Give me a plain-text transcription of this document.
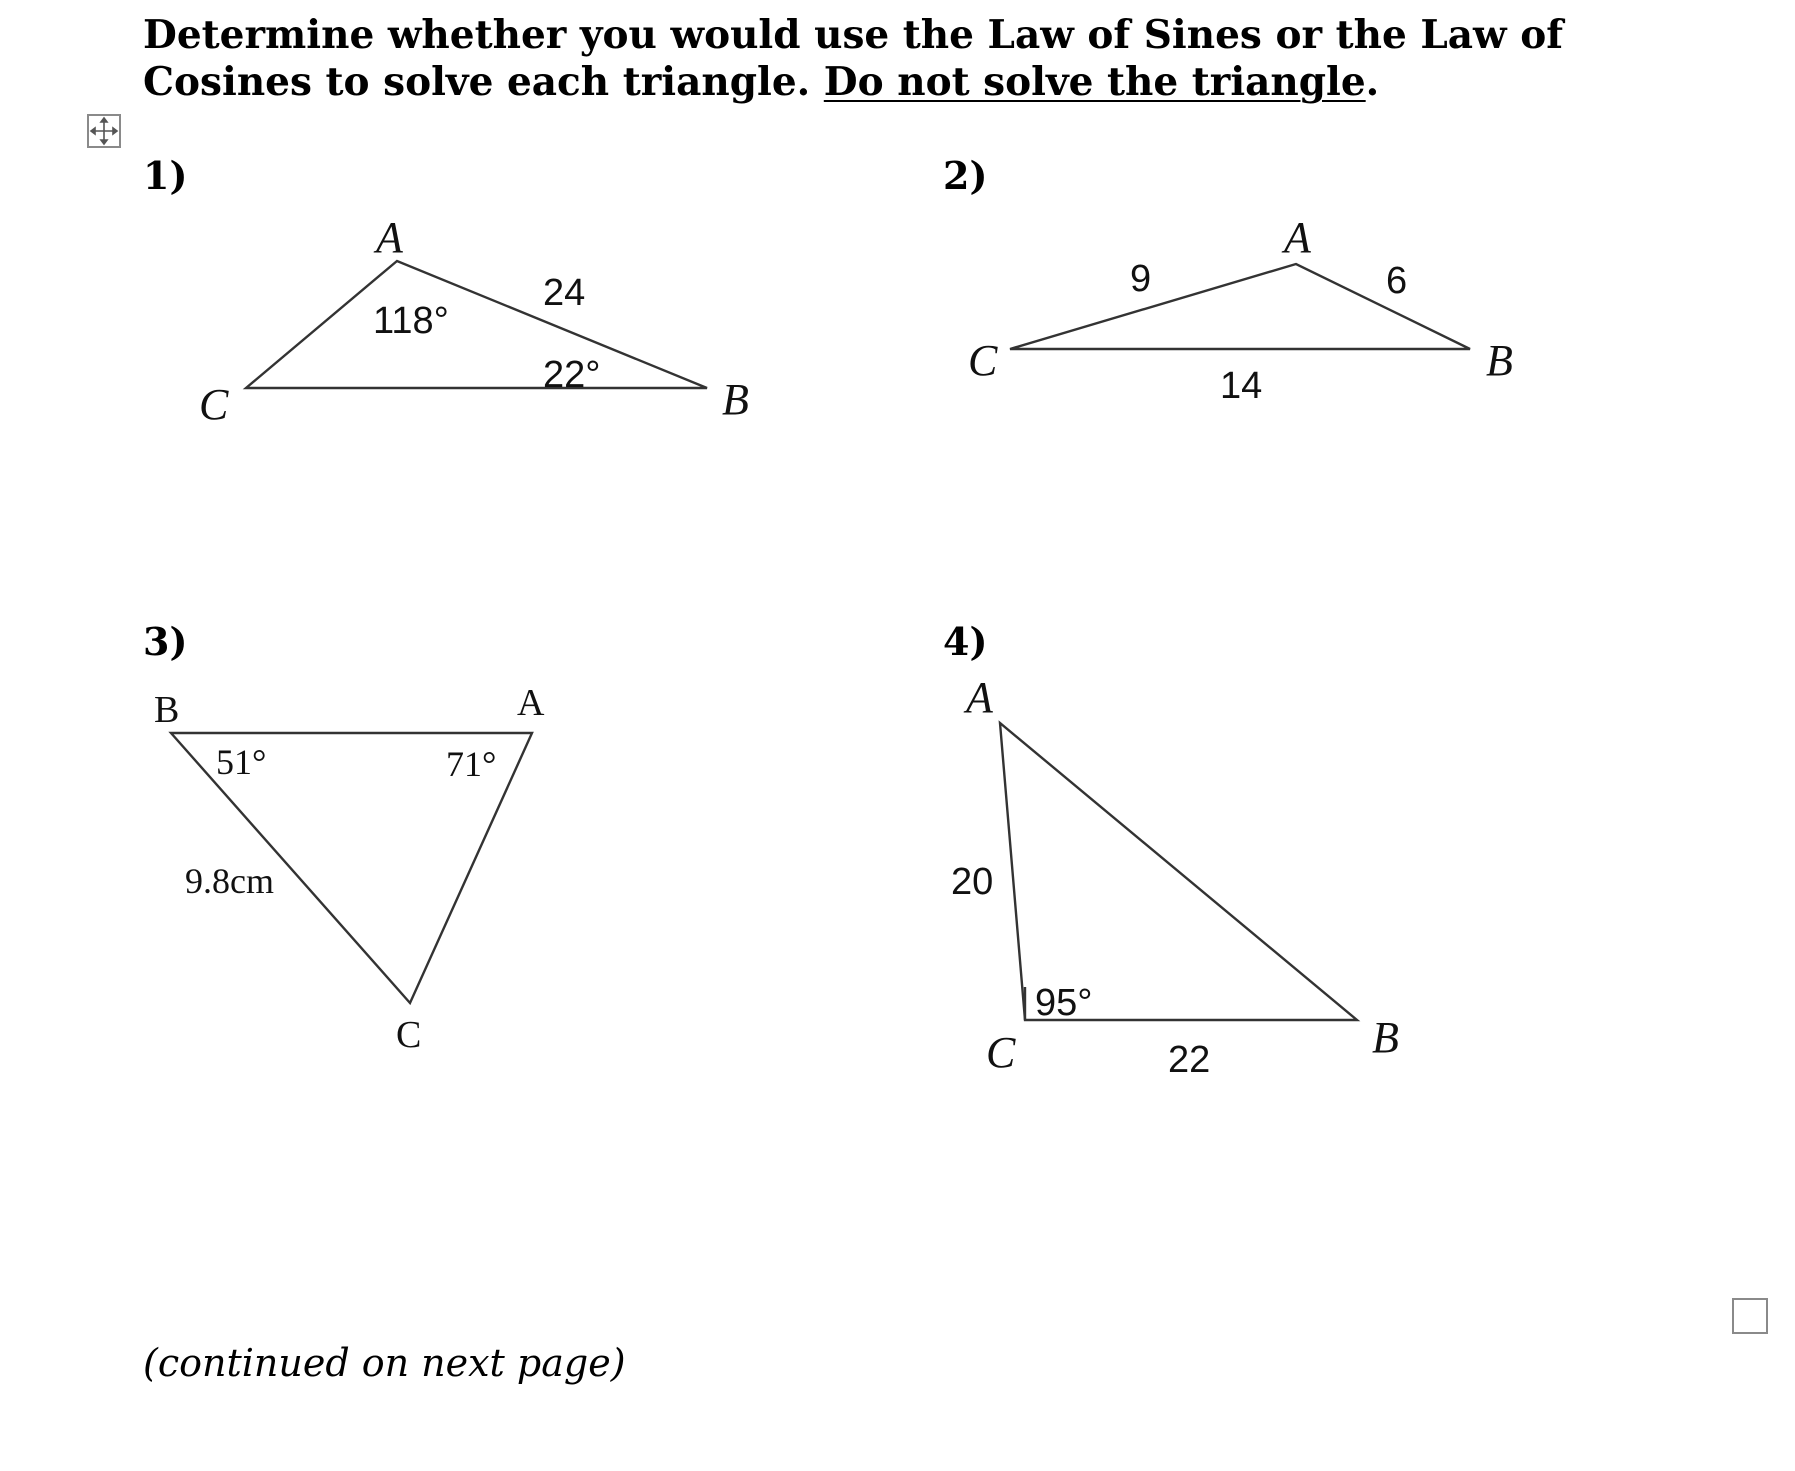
Determine whether you would use the Law of Sines or the Law of Cosines to solve each triangle. Do not solve the triangle.

1)	2)

3)	4)

A
C	B
24
118°
22°
A
C	B
9	6
14
B	A
C
51°	71°
9.8cm
A
C	B
20
95°
22
(continued on next page)
